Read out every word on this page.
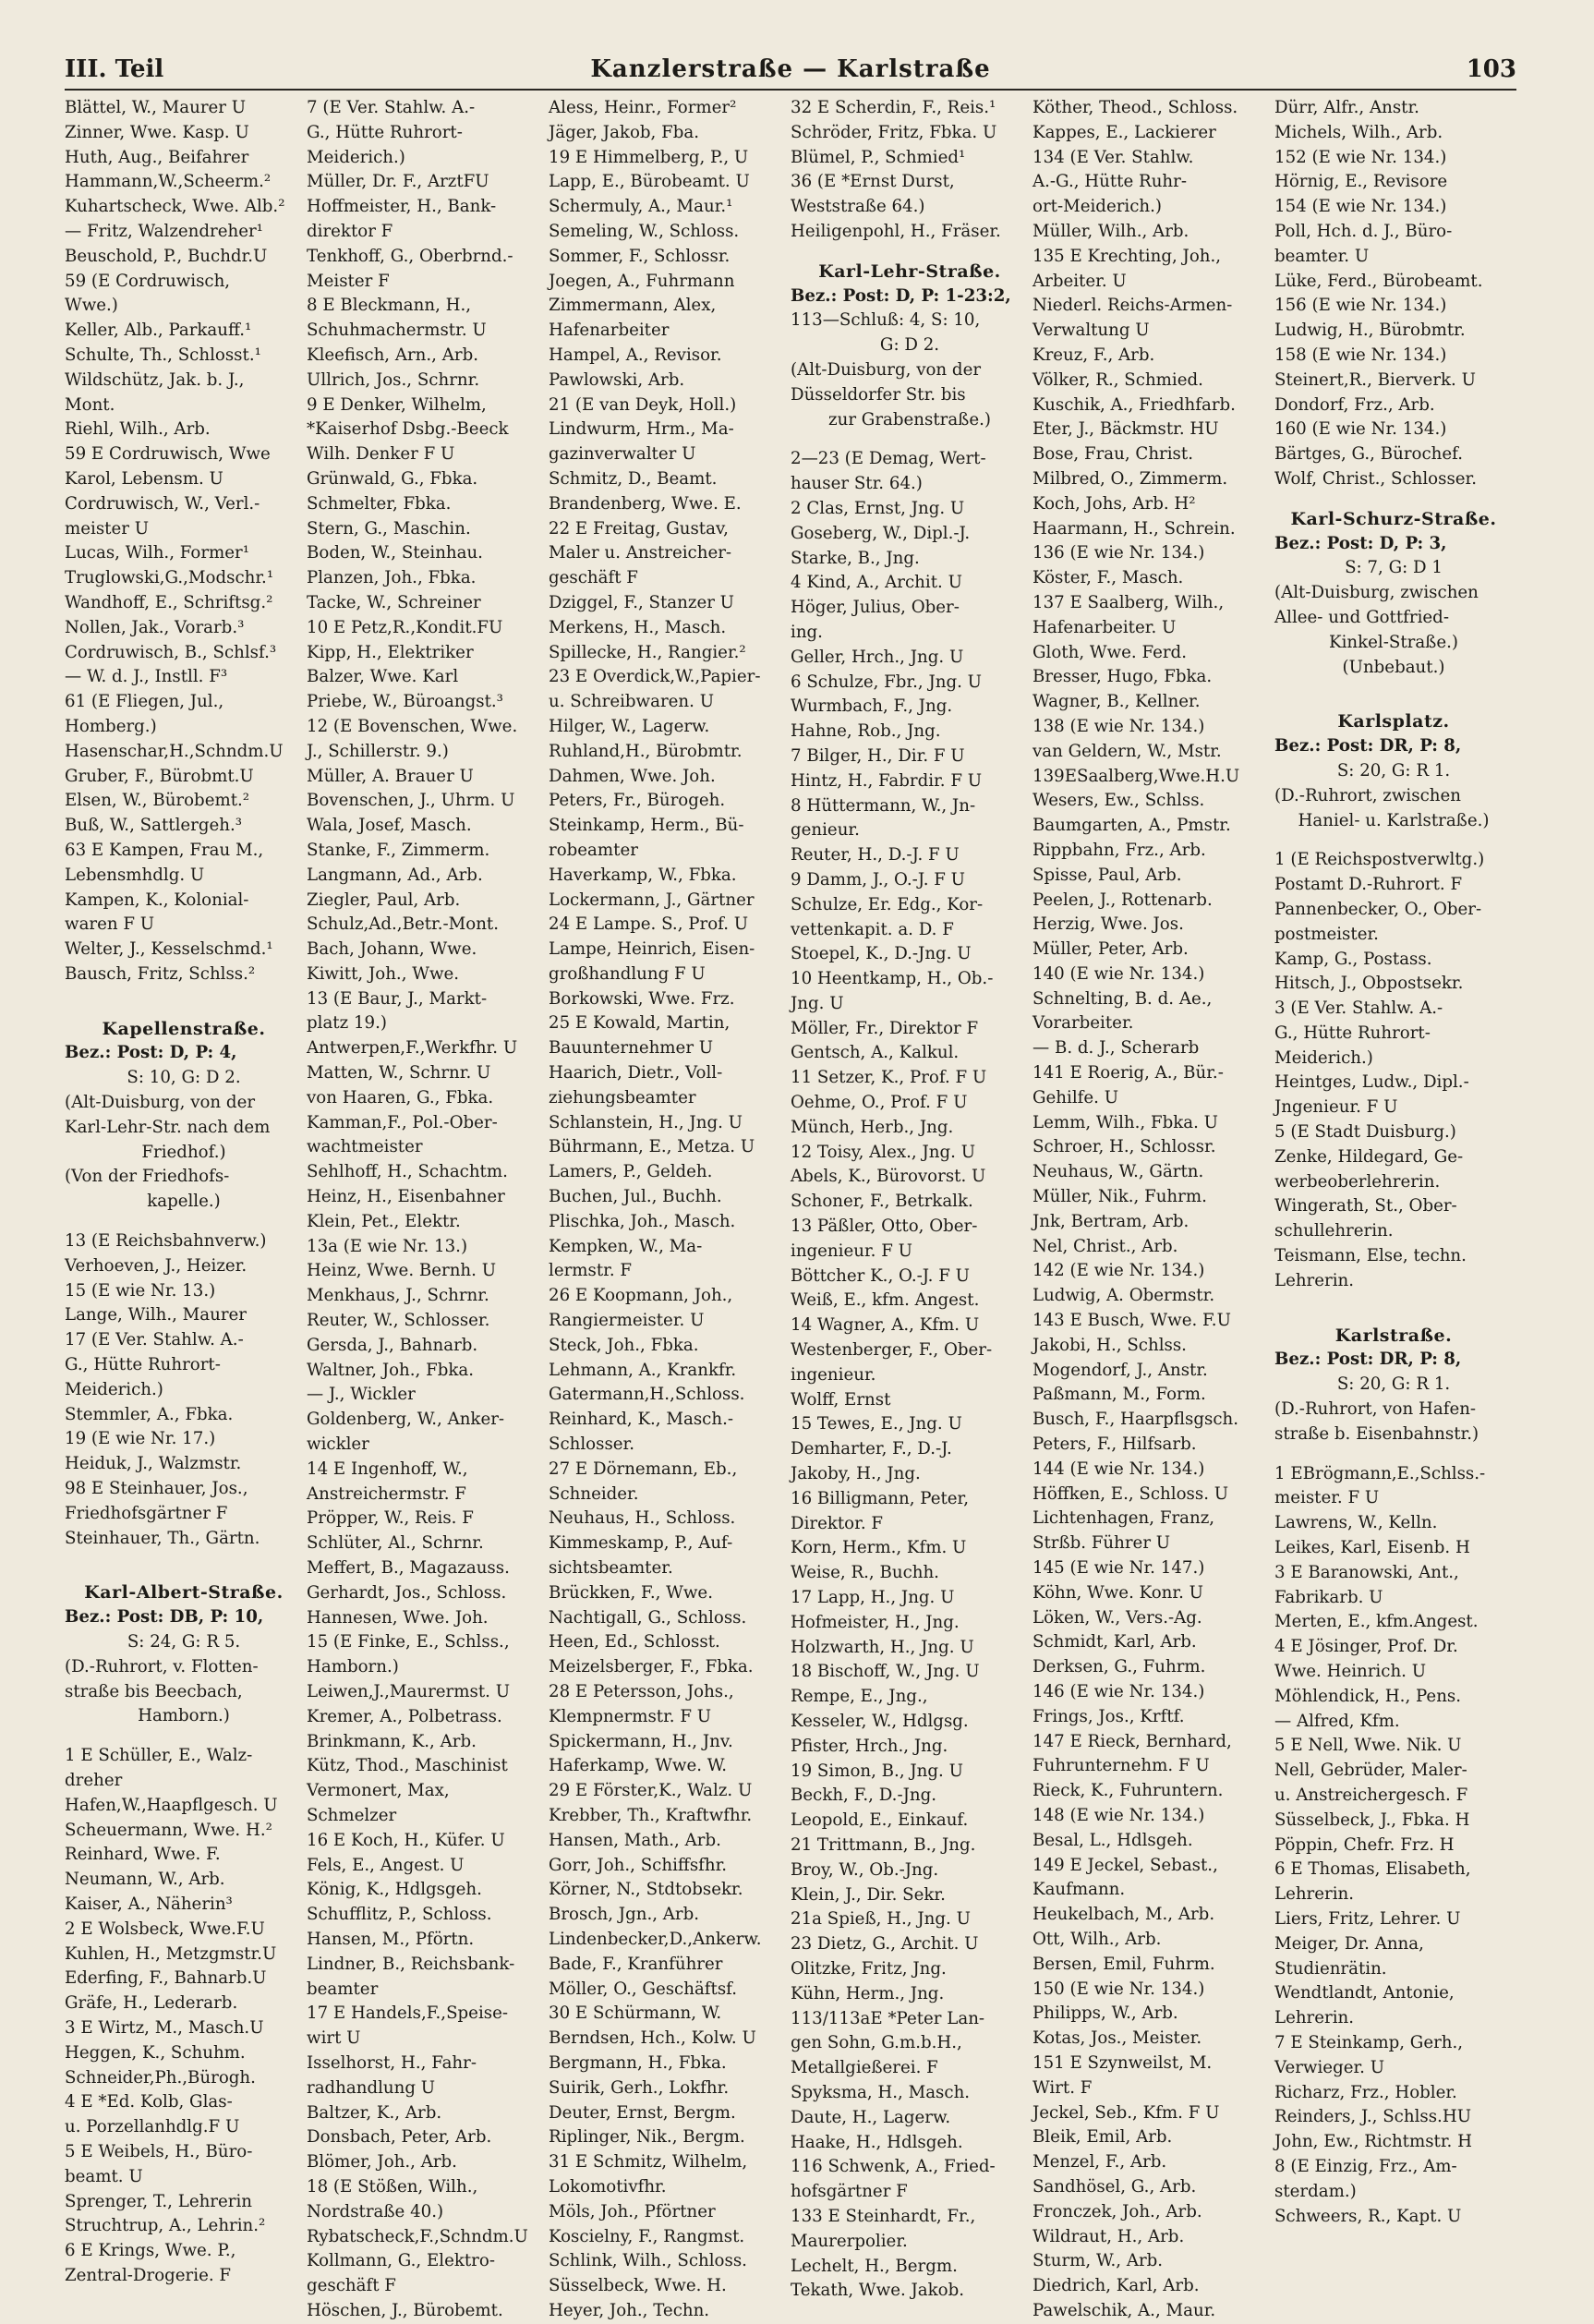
III. Teil	Kanzlerstraße — Karlstraße	103
Blättel, W., Maurer U
Zinner, Wwe. Kasp. U
Huth, Aug., Beifahrer
Hammann,W.,Scheerm.²
Kuhartscheck, Wwe. Alb.²
— Fritz, Walzendreher¹
Beuschold, P., Buchdr.U
59 (E Cordruwisch,
Wwe.)
Keller, Alb., Parkauff.¹
Schulte, Th., Schlosst.¹
Wildschütz, Jak. b. J.,
Mont.
Riehl, Wilh., Arb.
59 E Cordruwisch, Wwe
Karol, Lebensm. U
Cordruwisch, W., Verl.-
meister U
Lucas, Wilh., Former¹
Truglowski,G.,Modschr.¹
Wandhoff, E., Schriftsg.²
Nollen, Jak., Vorarb.³
Cordruwisch, B., Schlsf.³
— W. d. J., Instll. F³
61 (E Fliegen, Jul.,
Homberg.)
Hasenschar,H.,Schndm.U
Gruber, F., Bürobmt.U
Elsen, W., Bürobemt.²
Buß, W., Sattlergeh.³
63 E Kampen, Frau M.,
Lebensmhdlg. U
Kampen, K., Kolonial-
waren F U
Welter, J., Kesselschmd.¹
Bausch, Fritz, Schlss.²
Kapellenstraße.
Bez.: Post: D, P: 4,
S: 10, G: D 2.
(Alt-Duisburg, von der
Karl-Lehr-Str. nach dem
Friedhof.)
(Von der Friedhofs-
kapelle.)
13 (E Reichsbahnverw.)
Verhoeven, J., Heizer.
15 (E wie Nr. 13.)
Lange, Wilh., Maurer
17 (E Ver. Stahlw. A.-
G., Hütte Ruhrort-
Meiderich.)
Stemmler, A., Fbka.
19 (E wie Nr. 17.)
Heiduk, J., Walzmstr.
98 E Steinhauer, Jos.,
Friedhofsgärtner F
Steinhauer, Th., Gärtn.
Karl-Albert-Straße.
Bez.: Post: DB, P: 10,
S: 24, G: R 5.
(D.-Ruhrort, v. Flotten-
straße bis Beecbach,
Hamborn.)
1 E Schüller, E., Walz-
dreher
Hafen,W.,Haapflgesch. U
Scheuermann, Wwe. H.²
Reinhard, Wwe. F.
Neumann, W., Arb.
Kaiser, A., Näherin³
2 E Wolsbeck, Wwe.F.U
Kuhlen, H., Metzgmstr.U
Ederfing, F., Bahnarb.U
Gräfe, H., Lederarb.
3 E Wirtz, M., Masch.U
Heggen, K., Schuhm.
Schneider,Ph.,Bürogh.
4 E *Ed. Kolb, Glas-
u. Porzellanhdlg.F U
5 E Weibels, H., Büro-
beamt. U
Sprenger, T., Lehrerin
Struchtrup, A., Lehrin.²
6 E Krings, Wwe. P.,
Zentral-Drogerie. F
7 (E Ver. Stahlw. A.-
G., Hütte Ruhrort-
Meiderich.)
Müller, Dr. F., ArztFU
Hoffmeister, H., Bank-
direktor F
Tenkhoff, G., Oberbrnd.-
Meister F
8 E Bleckmann, H.,
Schuhmachermstr. U
Kleefisch, Arn., Arb.
Ullrich, Jos., Schrnr.
9 E Denker, Wilhelm,
*Kaiserhof Dsbg.-Beeck
Wilh. Denker F U
Grünwald, G., Fbka.
Schmelter, Fbka.
Stern, G., Maschin.
Boden, W., Steinhau.
Planzen, Joh., Fbka.
Tacke, W., Schreiner
10 E Petz,R.,Kondit.FU
Kipp, H., Elektriker
Balzer, Wwe. Karl
Priebe, W., Büroangst.³
12 (E Bovenschen, Wwe.
J., Schillerstr. 9.)
Müller, A. Brauer U
Bovenschen, J., Uhrm. U
Wala, Josef, Masch.
Stanke, F., Zimmerm.
Langmann, Ad., Arb.
Ziegler, Paul, Arb.
Schulz,Ad.,Betr.-Mont.
Bach, Johann, Wwe.
Kiwitt, Joh., Wwe.
13 (E Baur, J., Markt-
platz 19.)
Antwerpen,F.,Werkfhr. U
Matten, W., Schrnr. U
von Haaren, G., Fbka.
Kamman,F., Pol.-Ober-
wachtmeister
Sehlhoff, H., Schachtm.
Heinz, H., Eisenbahner
Klein, Pet., Elektr.
13a (E wie Nr. 13.)
Heinz, Wwe. Bernh. U
Menkhaus, J., Schrnr.
Reuter, W., Schlosser.
Gersda, J., Bahnarb.
Waltner, Joh., Fbka.
— J., Wickler
Goldenberg, W., Anker-
wickler
14 E Ingenhoff, W.,
Anstreichermstr. F
Pröpper, W., Reis. F
Schlüter, Al., Schrnr.
Meffert, B., Magazauss.
Gerhardt, Jos., Schloss.
Hannesen, Wwe. Joh.
15 (E Finke, E., Schlss.,
Hamborn.)
Leiwen,J.,Maurermst. U
Kremer, A., Polbetrass.
Brinkmann, K., Arb.
Kütz, Thod., Maschinist
Vermonert, Max,
Schmelzer
16 E Koch, H., Küfer. U
Fels, E., Angest. U
König, K., Hdlgsgeh.
Schufflitz, P., Schloss.
Hansen, M., Pförtn.
Lindner, B., Reichsbank-
beamter
17 E Handels,F.,Speise-
wirt U
Isselhorst, H., Fahr-
radhandlung U
Baltzer, K., Arb.
Donsbach, Peter, Arb.
Blömer, Joh., Arb.
18 (E Stößen, Wilh.,
Nordstraße 40.)
Rybatscheck,F.,Schndm.U
Kollmann, G., Elektro-
geschäft F
Höschen, J., Bürobemt.
Aless, Heinr., Former²
Jäger, Jakob, Fba.
19 E Himmelberg, P., U
Lapp, E., Bürobeamt. U
Schermuly, A., Maur.¹
Semeling, W., Schloss.
Sommer, F., Schlossr.
Joegen, A., Fuhrmann
Zimmermann, Alex,
Hafenarbeiter
Hampel, A., Revisor.
Pawlowski, Arb.
21 (E van Deyk, Holl.)
Lindwurm, Hrm., Ma-
gazinverwalter U
Schmitz, D., Beamt.
Brandenberg, Wwe. E.
22 E Freitag, Gustav,
Maler u. Anstreicher-
geschäft F
Dziggel, F., Stanzer U
Merkens, H., Masch.
Spillecke, H., Rangier.²
23 E Overdick,W.,Papier-
u. Schreibwaren. U
Hilger, W., Lagerw.
Ruhland,H., Bürobmtr.
Dahmen, Wwe. Joh.
Peters, Fr., Bürogeh.
Steinkamp, Herm., Bü-
robeamter
Haverkamp, W., Fbka.
Lockermann, J., Gärtner
24 E Lampe. S., Prof. U
Lampe, Heinrich, Eisen-
großhandlung F U
Borkowski, Wwe. Frz.
25 E Kowald, Martin,
Bauunternehmer U
Haarich, Dietr., Voll-
ziehungsbeamter
Schlanstein, H., Jng. U
Bührmann, E., Metza. U
Lamers, P., Geldeh.
Buchen, Jul., Buchh.
Plischka, Joh., Masch.
Kempken, W., Ma-
lermstr. F
26 E Koopmann, Joh.,
Rangiermeister. U
Steck, Joh., Fbka.
Lehmann, A., Krankfr.
Gatermann,H.,Schloss.
Reinhard, K., Masch.-
Schlosser.
27 E Dörnemann, Eb.,
Schneider.
Neuhaus, H., Schloss.
Kimmeskamp, P., Auf-
sichtsbeamter.
Brückken, F., Wwe.
Nachtigall, G., Schloss.
Heen, Ed., Schlosst.
Meizelsberger, F., Fbka.
28 E Petersson, Johs.,
Klempnermstr. F U
Spickermann, H., Jnv.
Haferkamp, Wwe. W.
29 E Förster,K., Walz. U
Krebber, Th., Kraftwfhr.
Hansen, Math., Arb.
Gorr, Joh., Schiffsfhr.
Körner, N., Stdtobsekr.
Brosch, Jgn., Arb.
Lindenbecker,D.,Ankerw.
Bade, F., Kranführer
Möller, O., Geschäftsf.
30 E Schürmann, W.
Berndsen, Hch., Kolw. U
Bergmann, H., Fbka.
Suirik, Gerh., Lokfhr.
Deuter, Ernst, Bergm.
Riplinger, Nik., Bergm.
31 E Schmitz, Wilhelm,
Lokomotivfhr.
Möls, Joh., Pförtner
Koscielny, F., Rangmst.
Schlink, Wilh., Schloss.
Süsselbeck, Wwe. H.
Heyer, Joh., Techn.
32 E Scherdin, F., Reis.¹
Schröder, Fritz, Fbka. U
Blümel, P., Schmied¹
36 (E *Ernst Durst,
Weststraße 64.)
Heiligenpohl, H., Fräser.
Karl-Lehr-Straße.
Bez.: Post: D, P: 1-23:2,
113—Schluß: 4, S: 10,
G: D 2.
(Alt-Duisburg, von der
Düsseldorfer Str. bis
zur Grabenstraße.)
2—23 (E Demag, Wert-
hauser Str. 64.)
2 Clas, Ernst, Jng. U
Goseberg, W., Dipl.-J.
Starke, B., Jng.
4 Kind, A., Archit. U
Höger, Julius, Ober-
ing.
Geller, Hrch., Jng. U
6 Schulze, Fbr., Jng. U
Wurmbach, F., Jng.
Hahne, Rob., Jng.
7 Bilger, H., Dir. F U
Hintz, H., Fabrdir. F U
8 Hüttermann, W., Jn-
genieur.
Reuter, H., D.-J. F U
9 Damm, J., O.-J. F U
Schulze, Er. Edg., Kor-
vettenkapit. a. D. F
Stoepel, K., D.-Jng. U
10 Heentkamp, H., Ob.-
Jng. U
Möller, Fr., Direktor F
Gentsch, A., Kalkul.
11 Setzer, K., Prof. F U
Oehme, O., Prof. F U
Münch, Herb., Jng.
12 Toisy, Alex., Jng. U
Abels, K., Bürovorst. U
Schoner, F., Betrkalk.
13 Päßler, Otto, Ober-
ingenieur. F U
Böttcher K., O.-J. F U
Weiß, E., kfm. Angest.
14 Wagner, A., Kfm. U
Westenberger, F., Ober-
ingenieur.
Wolff, Ernst
15 Tewes, E., Jng. U
Demharter, F., D.-J.
Jakoby, H., Jng.
16 Billigmann, Peter,
Direktor. F
Korn, Herm., Kfm. U
Weise, R., Buchh.
17 Lapp, H., Jng. U
Hofmeister, H., Jng.
Holzwarth, H., Jng. U
18 Bischoff, W., Jng. U
Rempe, E., Jng.,
Kesseler, W., Hdlgsg.
Pfister, Hrch., Jng.
19 Simon, B., Jng. U
Beckh, F., D.-Jng.
Leopold, E., Einkauf.
21 Trittmann, B., Jng.
Broy, W., Ob.-Jng.
Klein, J., Dir. Sekr.
21a Spieß, H., Jng. U
23 Dietz, G., Archit. U
Olitzke, Fritz, Jng.
Kühn, Herm., Jng.
113/113aE *Peter Lan-
gen Sohn, G.m.b.H.,
Metallgießerei. F
Spyksma, H., Masch.
Daute, H., Lagerw.
Haake, H., Hdlsgeh.
116 Schwenk, A., Fried-
hofsgärtner F
133 E Steinhardt, Fr.,
Maurerpolier.
Lechelt, H., Bergm.
Tekath, Wwe. Jakob.
Köther, Theod., Schloss.
Kappes, E., Lackierer
134 (E Ver. Stahlw.
A.-G., Hütte Ruhr-
ort-Meiderich.)
Müller, Wilh., Arb.
135 E Krechting, Joh.,
Arbeiter. U
Niederl. Reichs-Armen-
Verwaltung U
Kreuz, F., Arb.
Völker, R., Schmied.
Kuschik, A., Friedhfarb.
Eter, J., Bäckmstr. HU
Bose, Frau, Christ.
Milbred, O., Zimmerm.
Koch, Johs, Arb. H²
Haarmann, H., Schrein.
136 (E wie Nr. 134.)
Köster, F., Masch.
137 E Saalberg, Wilh.,
Hafenarbeiter. U
Gloth, Wwe. Ferd.
Bresser, Hugo, Fbka.
Wagner, B., Kellner.
138 (E wie Nr. 134.)
van Geldern, W., Mstr.
139ESaalberg,Wwe.H.U
Wesers, Ew., Schlss.
Baumgarten, A., Pmstr.
Rippbahn, Frz., Arb.
Spisse, Paul, Arb.
Peelen, J., Rottenarb.
Herzig, Wwe. Jos.
Müller, Peter, Arb.
140 (E wie Nr. 134.)
Schnelting, B. d. Ae.,
Vorarbeiter.
— B. d. J., Scherarb
141 E Roerig, A., Bür.-
Gehilfe. U
Lemm, Wilh., Fbka. U
Schroer, H., Schlossr.
Neuhaus, W., Gärtn.
Müller, Nik., Fuhrm.
Jnk, Bertram, Arb.
Nel, Christ., Arb.
142 (E wie Nr. 134.)
Ludwig, A. Obermstr.
143 E Busch, Wwe. F.U
Jakobi, H., Schlss.
Mogendorf, J., Anstr.
Paßmann, M., Form.
Busch, F., Haarpflsgsch.
Peters, F., Hilfsarb.
144 (E wie Nr. 134.)
Höffken, E., Schloss. U
Lichtenhagen, Franz,
Strßb. Führer U
145 (E wie Nr. 147.)
Köhn, Wwe. Konr. U
Löken, W., Vers.-Ag.
Schmidt, Karl, Arb.
Derksen, G., Fuhrm.
146 (E wie Nr. 134.)
Frings, Jos., Krftf.
147 E Rieck, Bernhard,
Fuhrunternehm. F U
Rieck, K., Fuhruntern.
148 (E wie Nr. 134.)
Besal, L., Hdlsgeh.
149 E Jeckel, Sebast.,
Kaufmann.
Heukelbach, M., Arb.
Ott, Wilh., Arb.
Bersen, Emil, Fuhrm.
150 (E wie Nr. 134.)
Philipps, W., Arb.
Kotas, Jos., Meister.
151 E Szynweilst, M.
Wirt. F
Jeckel, Seb., Kfm. F U
Bleik, Emil, Arb.
Menzel, F., Arb.
Sandhösel, G., Arb.
Fronczek, Joh., Arb.
Wildraut, H., Arb.
Sturm, W., Arb.
Diedrich, Karl, Arb.
Pawelschik, A., Maur.
Dürr, Alfr., Anstr.
Michels, Wilh., Arb.
152 (E wie Nr. 134.)
Hörnig, E., Revisore
154 (E wie Nr. 134.)
Poll, Hch. d. J., Büro-
beamter. U
Lüke, Ferd., Bürobeamt.
156 (E wie Nr. 134.)
Ludwig, H., Bürobmtr.
158 (E wie Nr. 134.)
Steinert,R., Bierverk. U
Dondorf, Frz., Arb.
160 (E wie Nr. 134.)
Bärtges, G., Bürochef.
Wolf, Christ., Schlosser.
Karl-Schurz-Straße.
Bez.: Post: D, P: 3,
S: 7, G: D 1
(Alt-Duisburg, zwischen
Allee- und Gottfried-
Kinkel-Straße.)
(Unbebaut.)
Karlsplatz.
Bez.: Post: DR, P: 8,
S: 20, G: R 1.
(D.-Ruhrort, zwischen
Haniel- u. Karlstraße.)
1 (E Reichspostverwltg.)
Postamt D.-Ruhrort. F
Pannenbecker, O., Ober-
postmeister.
Kamp, G., Postass.
Hitsch, J., Obpostsekr.
3 (E Ver. Stahlw. A.-
G., Hütte Ruhrort-
Meiderich.)
Heintges, Ludw., Dipl.-
Jngenieur. F U
5 (E Stadt Duisburg.)
Zenke, Hildegard, Ge-
werbeoberlehrerin.
Wingerath, St., Ober-
schullehrerin.
Teismann, Else, techn.
Lehrerin.
Karlstraße.
Bez.: Post: DR, P: 8,
S: 20, G: R 1.
(D.-Ruhrort, von Hafen-
straße b. Eisenbahnstr.)
1 EBrögmann,E.,Schlss.-
meister. F U
Lawrens, W., Kelln.
Leikes, Karl, Eisenb. H
3 E Baranowski, Ant.,
Fabrikarb. U
Merten, E., kfm.Angest.
4 E Jösinger, Prof. Dr.
Wwe. Heinrich. U
Möhlendick, H., Pens.
— Alfred, Kfm.
5 E Nell, Wwe. Nik. U
Nell, Gebrüder, Maler-
u. Anstreichergesch. F
Süsselbeck, J., Fbka. H
Pöppin, Chefr. Frz. H
6 E Thomas, Elisabeth,
Lehrerin.
Liers, Fritz, Lehrer. U
Meiger, Dr. Anna,
Studienrätin.
Wendtlandt, Antonie,
Lehrerin.
7 E Steinkamp, Gerh.,
Verwieger. U
Richarz, Frz., Hobler.
Reinders, J., Schlss.HU
John, Ew., Richtmstr. H
8 (E Einzig, Frz., Am-
sterdam.)
Schweers, R., Kapt. U
